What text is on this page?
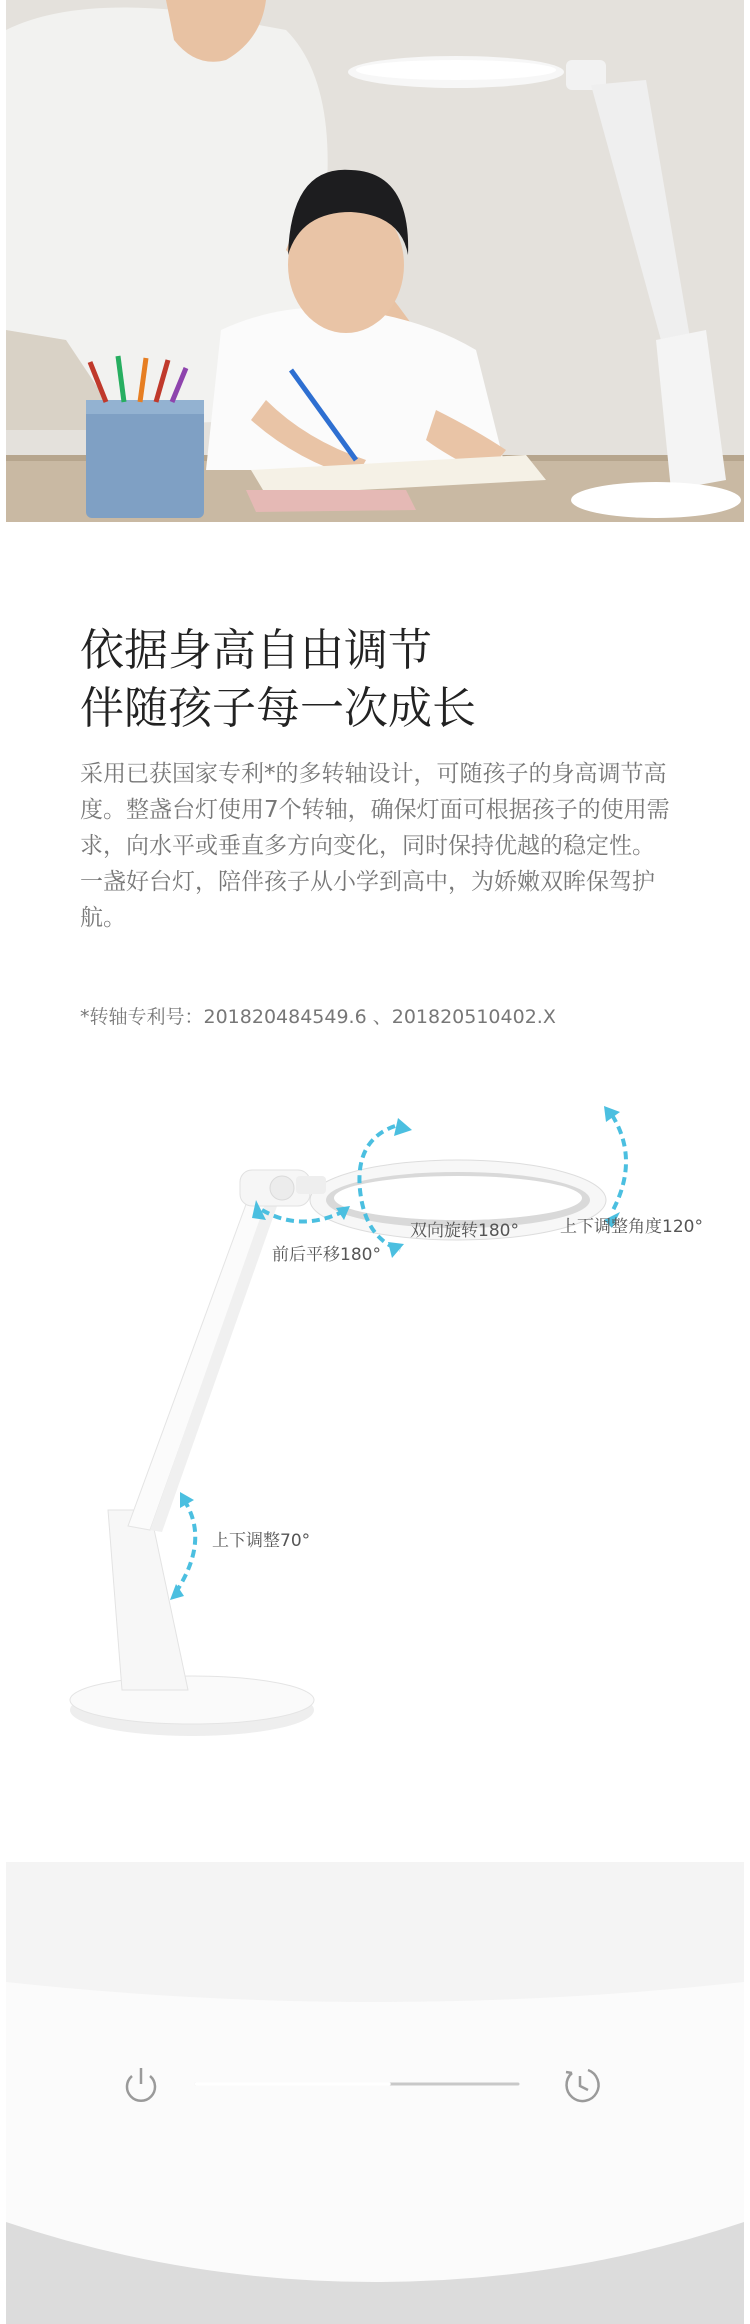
依据身高自由调节
伴随孩子每一次成长
采用已获国家专利*的多转轴设计，可随孩子的身高调节高度。整盏台灯使用7个转轴，确保灯面可根据孩子的使用需求，向水平或垂直多方向变化，同时保持优越的稳定性。一盏好台灯，陪伴孩子从小学到高中，为娇嫩双眸保驾护航。
*转轴专利号：201820484549.6 、201820510402.X
前后平移180°
双向旋转180° 上下调整角度120°
上下调整70°
